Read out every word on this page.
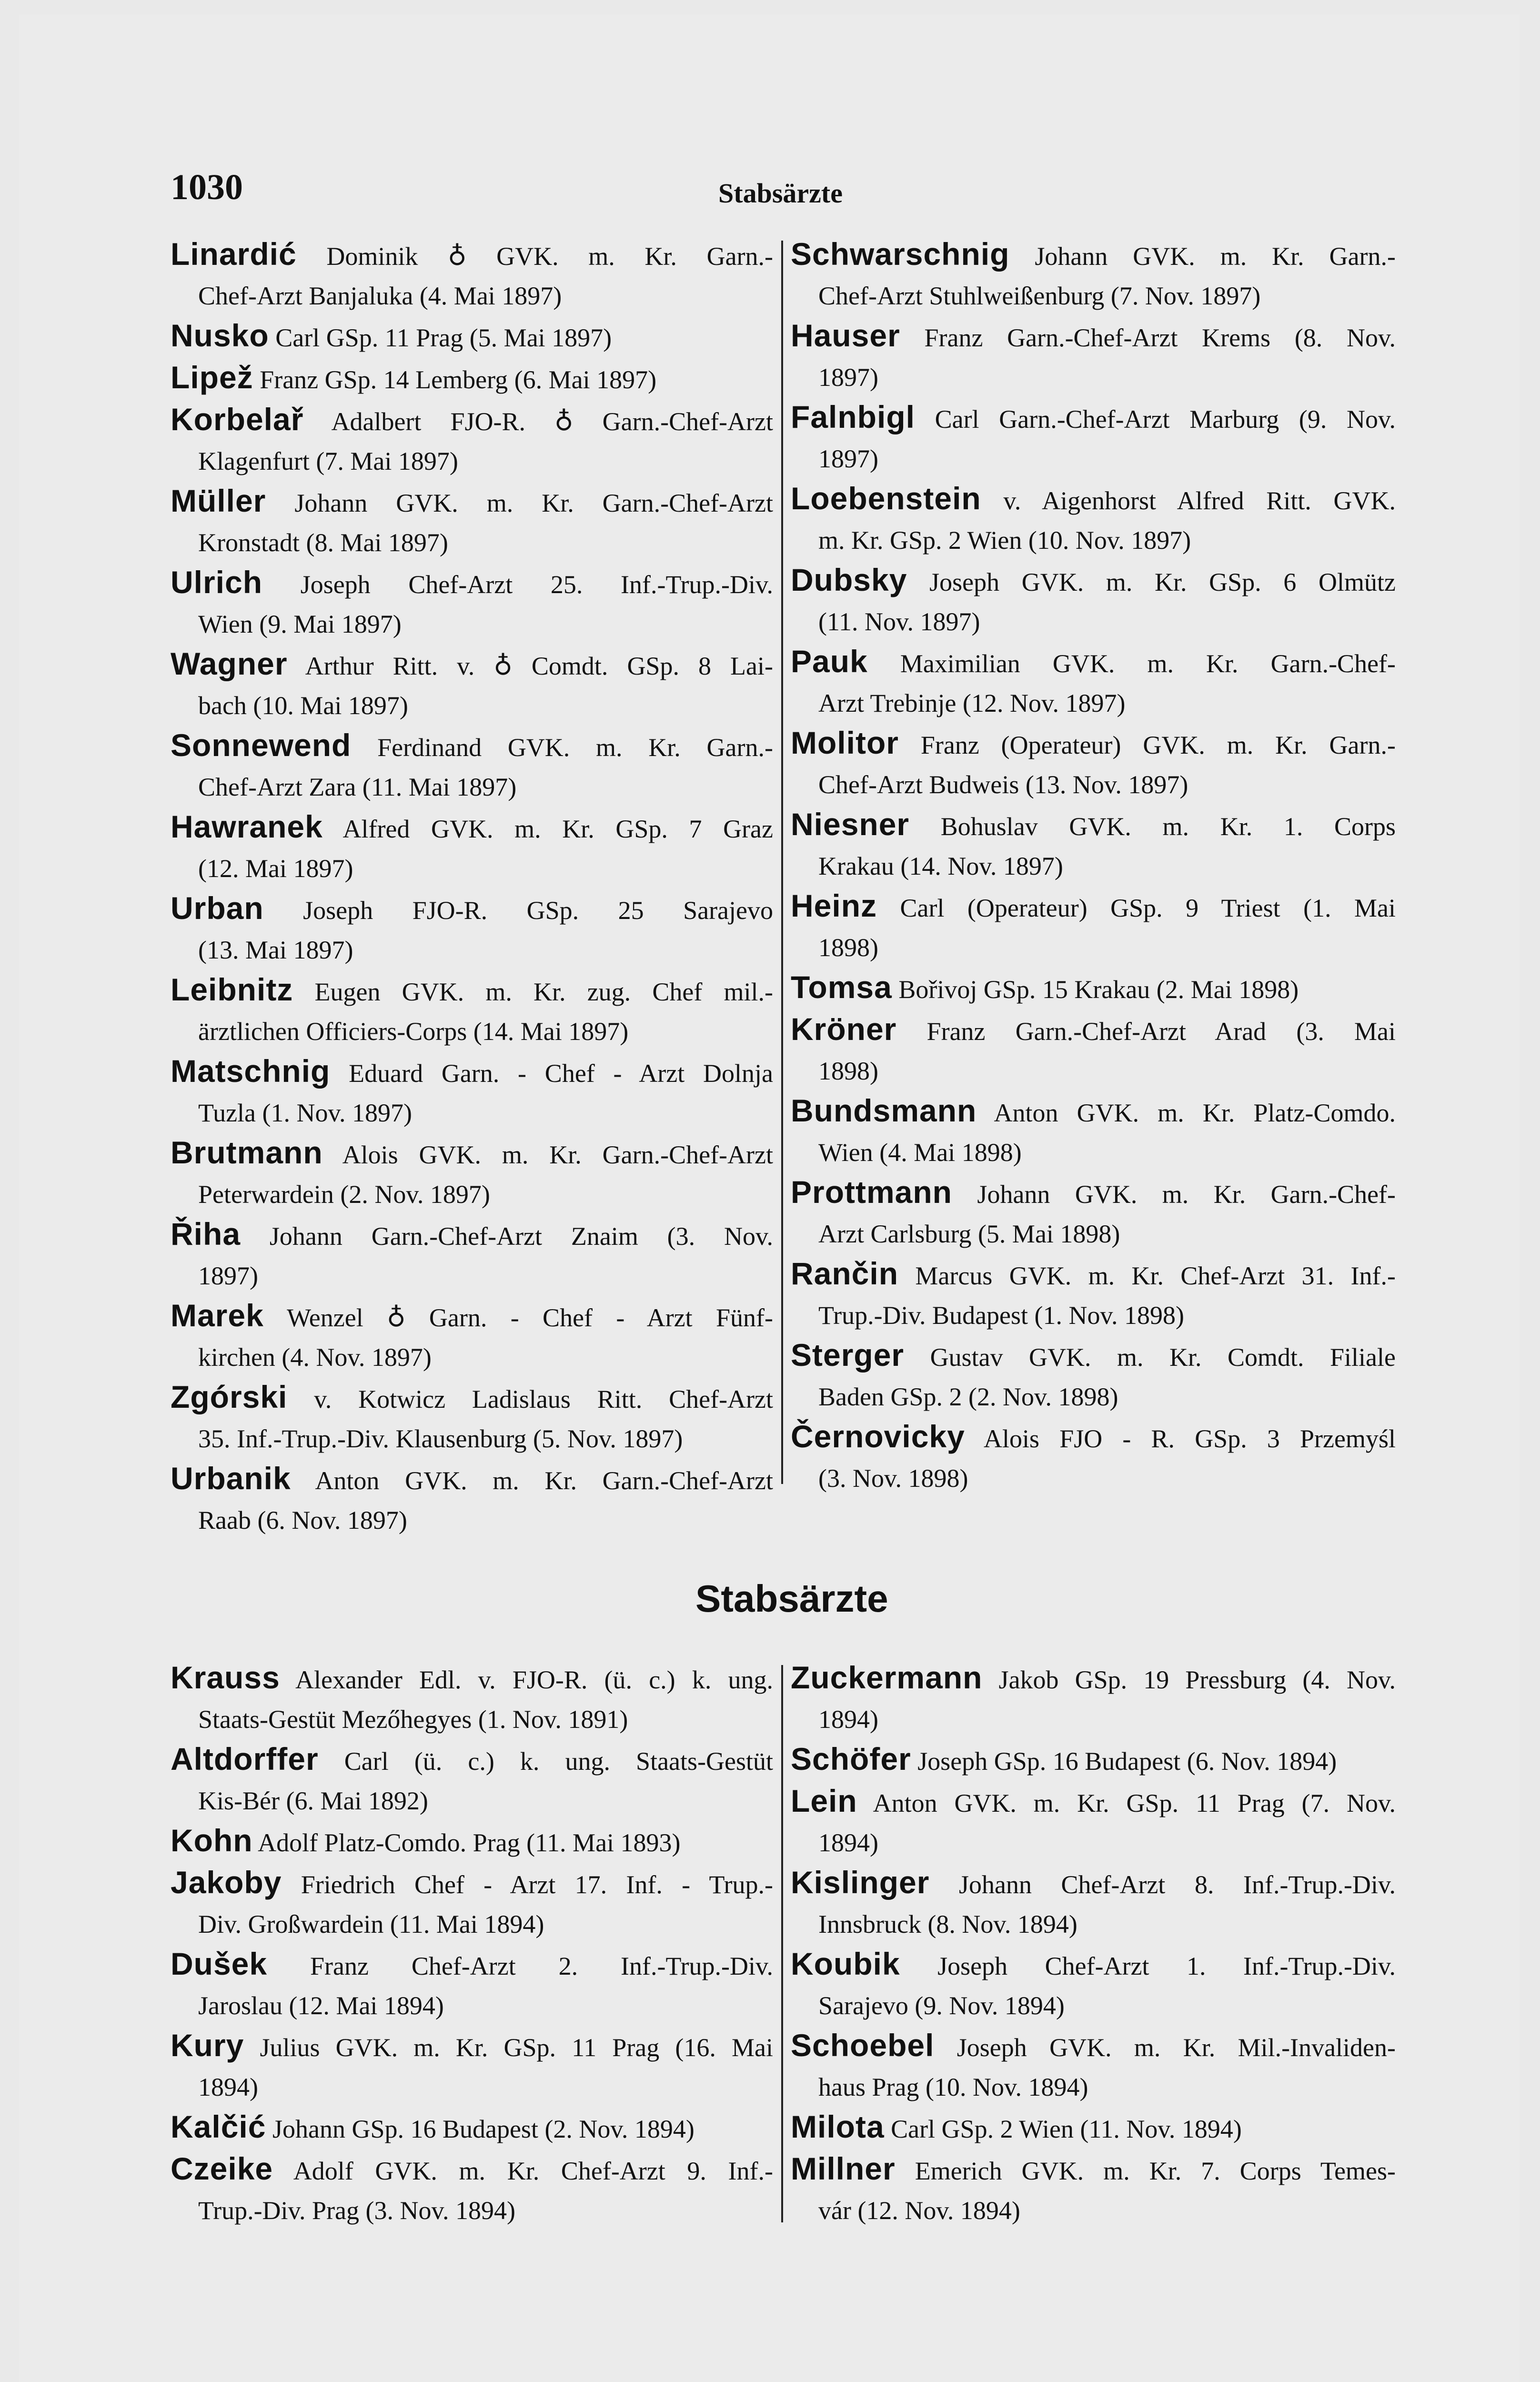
1030	Stabsärzte
Linardić Dominik ♁ GVK. m. Kr. Garn.-
Chef-Arzt Banjaluka (4. Mai 1897)
Nusko Carl GSp. 11 Prag (5. Mai 1897)
Lipež Franz GSp. 14 Lemberg (6. Mai 1897)
Korbelař Adalbert FJO-R. ♁ Garn.-Chef-Arzt
Klagenfurt (7. Mai 1897)
Müller Johann GVK. m. Kr. Garn.-Chef-Arzt
Kronstadt (8. Mai 1897)
Ulrich Joseph Chef-Arzt 25. Inf.-Trup.-Div.
Wien (9. Mai 1897)
Wagner Arthur Ritt. v. ♁ Comdt. GSp. 8 Lai-
bach (10. Mai 1897)
Sonnewend Ferdinand GVK. m. Kr. Garn.-
Chef-Arzt Zara (11. Mai 1897)
Hawranek Alfred GVK. m. Kr. GSp. 7 Graz
(12. Mai 1897)
Urban Joseph FJO-R. GSp. 25 Sarajevo
(13. Mai 1897)
Leibnitz Eugen GVK. m. Kr. zug. Chef mil.-
ärztlichen Officiers-Corps (14. Mai 1897)
Matschnig Eduard Garn. - Chef - Arzt Dolnja
Tuzla (1. Nov. 1897)
Brutmann Alois GVK. m. Kr. Garn.-Chef-Arzt
Peterwardein (2. Nov. 1897)
Řiha Johann Garn.-Chef-Arzt Znaim (3. Nov.
1897)
Marek Wenzel ♁ Garn. - Chef - Arzt Fünf-
kirchen (4. Nov. 1897)
Zgórski v. Kotwicz Ladislaus Ritt. Chef-Arzt
35. Inf.-Trup.-Div. Klausenburg (5. Nov. 1897)
Urbanik Anton GVK. m. Kr. Garn.-Chef-Arzt
Raab (6. Nov. 1897)
Schwarschnig Johann GVK. m. Kr. Garn.-
Chef-Arzt Stuhlweißenburg (7. Nov. 1897)
Hauser Franz Garn.-Chef-Arzt Krems (8. Nov.
1897)
Falnbigl Carl Garn.-Chef-Arzt Marburg (9. Nov.
1897)
Loebenstein v. Aigenhorst Alfred Ritt. GVK.
m. Kr. GSp. 2 Wien (10. Nov. 1897)
Dubsky Joseph GVK. m. Kr. GSp. 6 Olmütz
(11. Nov. 1897)
Pauk Maximilian GVK. m. Kr. Garn.-Chef-
Arzt Trebinje (12. Nov. 1897)
Molitor Franz (Operateur) GVK. m. Kr. Garn.-
Chef-Arzt Budweis (13. Nov. 1897)
Niesner Bohuslav GVK. m. Kr. 1. Corps
Krakau (14. Nov. 1897)
Heinz Carl (Operateur) GSp. 9 Triest (1. Mai
1898)
Tomsa Bořivoj GSp. 15 Krakau (2. Mai 1898)
Kröner Franz Garn.-Chef-Arzt Arad (3. Mai
1898)
Bundsmann Anton GVK. m. Kr. Platz-Comdo.
Wien (4. Mai 1898)
Prottmann Johann GVK. m. Kr. Garn.-Chef-
Arzt Carlsburg (5. Mai 1898)
Rančin Marcus GVK. m. Kr. Chef-Arzt 31. Inf.-
Trup.-Div. Budapest (1. Nov. 1898)
Sterger Gustav GVK. m. Kr. Comdt. Filiale
Baden GSp. 2 (2. Nov. 1898)
Černovicky Alois FJO - R. GSp. 3 Przemyśl
(3. Nov. 1898)
Stabsärzte
Krauss Alexander Edl. v. FJO-R. (ü. c.) k. ung.
Staats-Gestüt Mezőhegyes (1. Nov. 1891)
Altdorffer Carl (ü. c.) k. ung. Staats-Gestüt
Kis-Bér (6. Mai 1892)
Kohn Adolf Platz-Comdo. Prag (11. Mai 1893)
Jakoby Friedrich Chef - Arzt 17. Inf. - Trup.-
Div. Großwardein (11. Mai 1894)
Dušek Franz Chef-Arzt 2. Inf.-Trup.-Div.
Jaroslau (12. Mai 1894)
Kury Julius GVK. m. Kr. GSp. 11 Prag (16. Mai
1894)
Kalčić Johann GSp. 16 Budapest (2. Nov. 1894)
Czeike Adolf GVK. m. Kr. Chef-Arzt 9. Inf.-
Trup.-Div. Prag (3. Nov. 1894)
Zuckermann Jakob GSp. 19 Pressburg (4. Nov.
1894)
Schöfer Joseph GSp. 16 Budapest (6. Nov. 1894)
Lein Anton GVK. m. Kr. GSp. 11 Prag (7. Nov.
1894)
Kislinger Johann Chef-Arzt 8. Inf.-Trup.-Div.
Innsbruck (8. Nov. 1894)
Koubik Joseph Chef-Arzt 1. Inf.-Trup.-Div.
Sarajevo (9. Nov. 1894)
Schoebel Joseph GVK. m. Kr. Mil.-Invaliden-
haus Prag (10. Nov. 1894)
Milota Carl GSp. 2 Wien (11. Nov. 1894)
Millner Emerich GVK. m. Kr. 7. Corps Temes-
vár (12. Nov. 1894)
